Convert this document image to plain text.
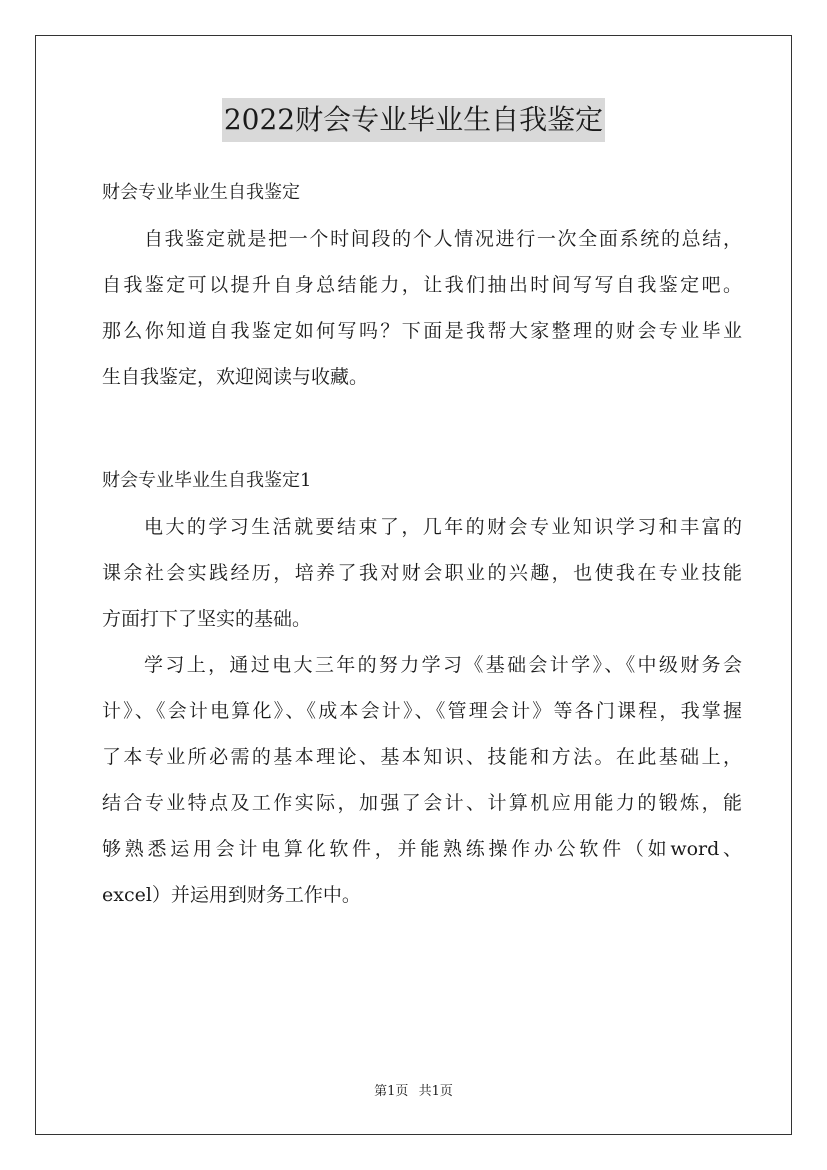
2022财会专业毕业生自我鉴定
财会专业毕业生自我鉴定
自我鉴定就是把一个时间段的个人情况进行一次全面系统的总结，
自我鉴定可以提升自身总结能力，让我们抽出时间写写自我鉴定吧。
那么你知道自我鉴定如何写吗？下面是我帮大家整理的财会专业毕业
生自我鉴定，欢迎阅读与收藏。
财会专业毕业生自我鉴定1
电大的学习生活就要结束了，几年的财会专业知识学习和丰富的
课余社会实践经历，培养了我对财会职业的兴趣，也使我在专业技能
方面打下了坚实的基础。
学习上，通过电大三年的努力学习《基础会计学》、《中级财务会
计》、《会计电算化》、《成本会计》、《管理会计》等各门课程，我掌握
了本专业所必需的基本理论、基本知识、技能和方法。在此基础上，
结合专业特点及工作实际，加强了会计、计算机应用能力的锻炼，能
够熟悉运用会计电算化软件，并能熟练操作办公软件（如word、
excel）并运用到财务工作中。
第1页 共1页
